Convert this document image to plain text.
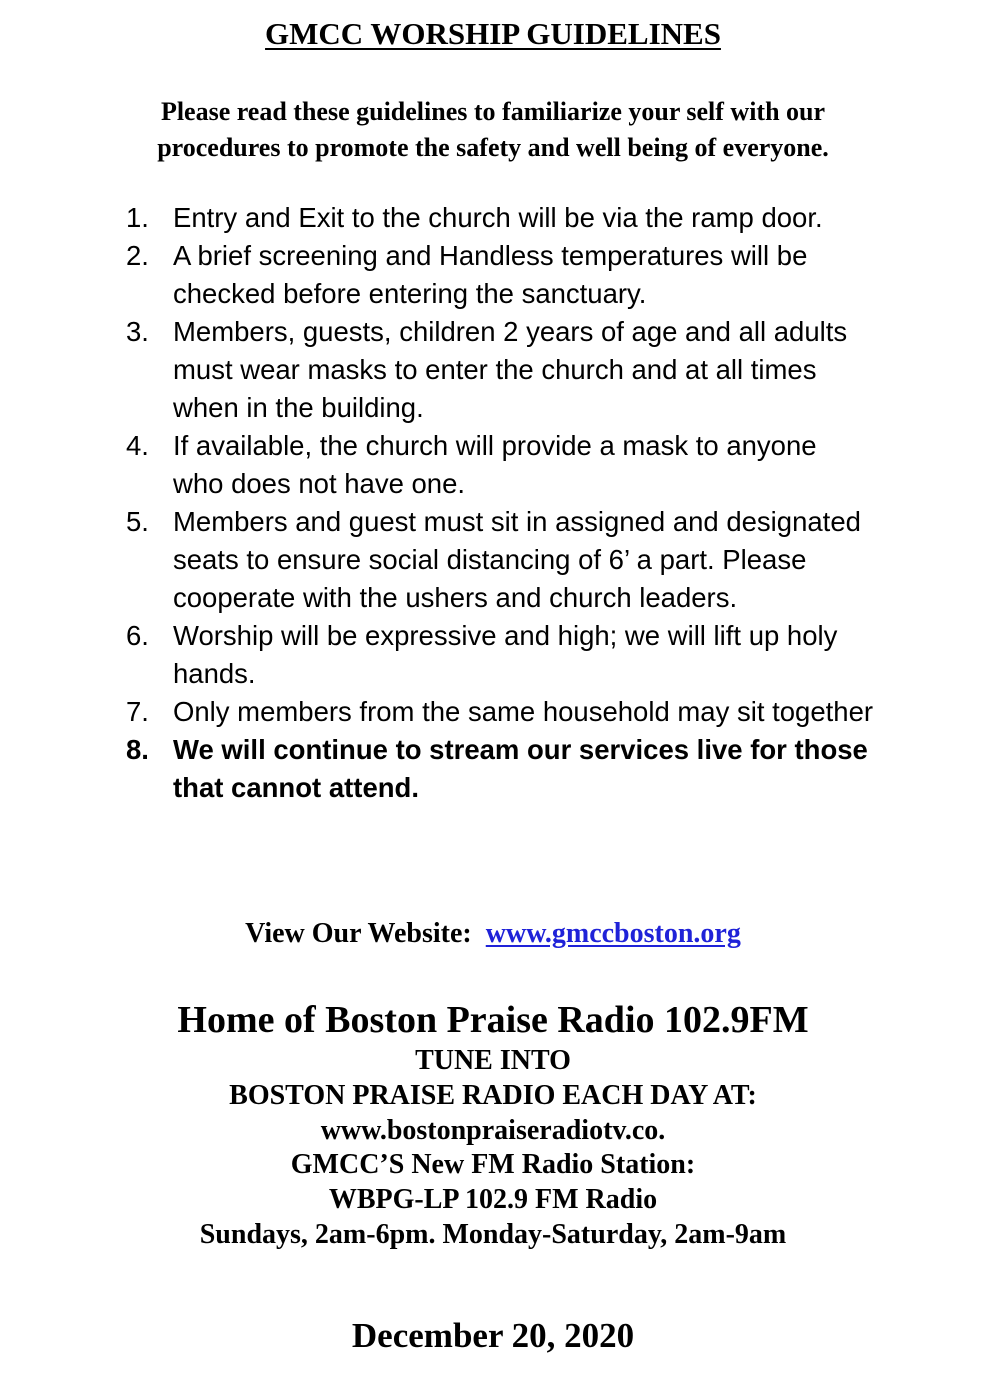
GMCC WORSHIP GUIDELINES
Please read these guidelines to familiarize your self with our
procedures to promote the safety and well being of everyone.
1. Entry and Exit to the church will be via the ramp door.
2. A brief screening and Handless temperatures will be
checked before entering the sanctuary.
3. Members, guests, children 2 years of age and all adults
must wear masks to enter the church and at all times
when in the building.
4. If available, the church will provide a mask to anyone
who does not have one.
5. Members and guest must sit in assigned and designated
seats to ensure social distancing of 6’ a part. Please
cooperate with the ushers and church leaders.
6. Worship will be expressive and high; we will lift up holy
hands.
7. Only members from the same household may sit together
8. We will continue to stream our services live for those
that cannot attend.
View Our Website: www.gmccboston.org
Home of Boston Praise Radio 102.9FM
TUNE INTO
BOSTON PRAISE RADIO EACH DAY AT:
www.bostonpraiseradiotv.co.
GMCC’S New FM Radio Station:
WBPG-LP 102.9 FM Radio
Sundays, 2am-6pm. Monday-Saturday, 2am-9am
December 20, 2020
